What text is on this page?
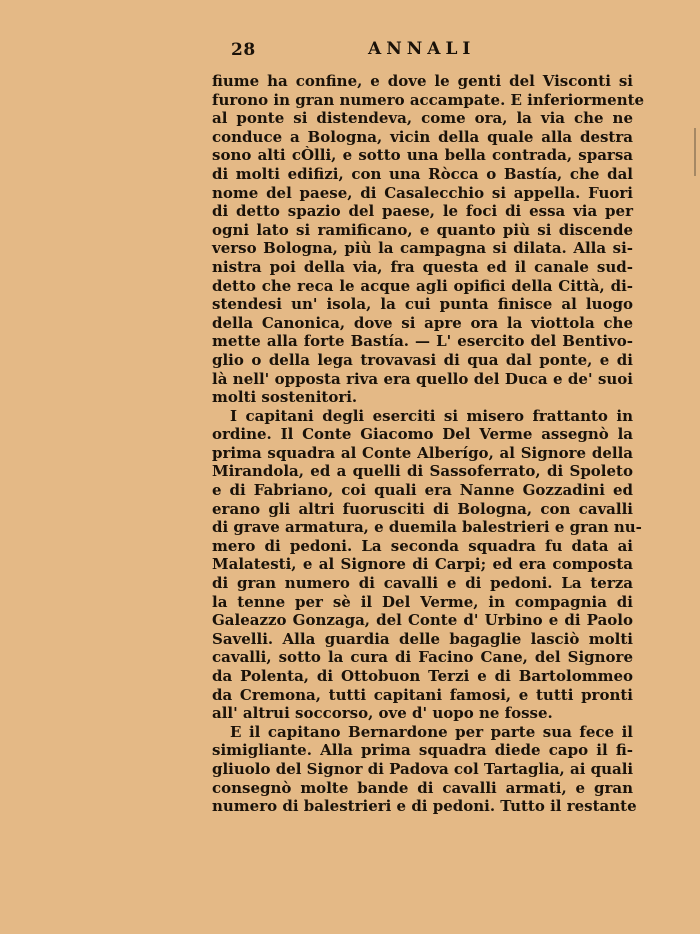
28	ANNALI
fiume ha confine, e dove le genti del Visconti si
furono in gran numero accampate. E inferiormente
al ponte si distendeva, come ora, la via che ne
conduce a Bologna, vicin della quale alla destra
sono alti cÒlli, e sotto una bella contrada, sparsa
di molti edifizi, con una Ròcca o Bastía, che dal
nome del paese, di Casalecchio si appella. Fuori
di detto spazio del paese, le foci di essa via per
ogni lato si ramificano, e quanto più si discende
verso Bologna, più la campagna si dilata. Alla si-
nistra poi della via, fra questa ed il canale sud-
detto che reca le acque agli opifici della Città, di-
stendesi un' isola, la cui punta finisce al luogo
della Canonica, dove si apre ora la viottola che
mette alla forte Bastía. — L' esercito del Bentivo-
glio o della lega trovavasi di qua dal ponte, e di
là nell' opposta riva era quello del Duca e de' suoi
molti sostenitori.
I capitani degli eserciti si misero frattanto in
ordine. Il Conte Giacomo Del Verme assegnò la
prima squadra al Conte Alberígo, al Signore della
Mirandola, ed a quelli di Sassoferrato, di Spoleto
e di Fabriano, coi quali era Nanne Gozzadini ed
erano gli altri fuorusciti di Bologna, con cavalli
di grave armatura, e duemila balestrieri e gran nu-
mero di pedoni. La seconda squadra fu data ai
Malatesti, e al Signore di Carpi; ed era composta
di gran numero di cavalli e di pedoni. La terza
la tenne per sè il Del Verme, in compagnia di
Galeazzo Gonzaga, del Conte d' Urbino e di Paolo
Savelli. Alla guardia delle bagaglie lasciò molti
cavalli, sotto la cura di Facino Cane, del Signore
da Polenta, di Ottobuon Terzi e di Bartolommeo
da Cremona, tutti capitani famosi, e tutti pronti
all' altrui soccorso, ove d' uopo ne fosse.
E il capitano Bernardone per parte sua fece il
simigliante. Alla prima squadra diede capo il fi-
gliuolo del Signor di Padova col Tartaglia, ai quali
consegnò molte bande di cavalli armati, e gran
numero di balestrieri e di pedoni. Tutto il restante
